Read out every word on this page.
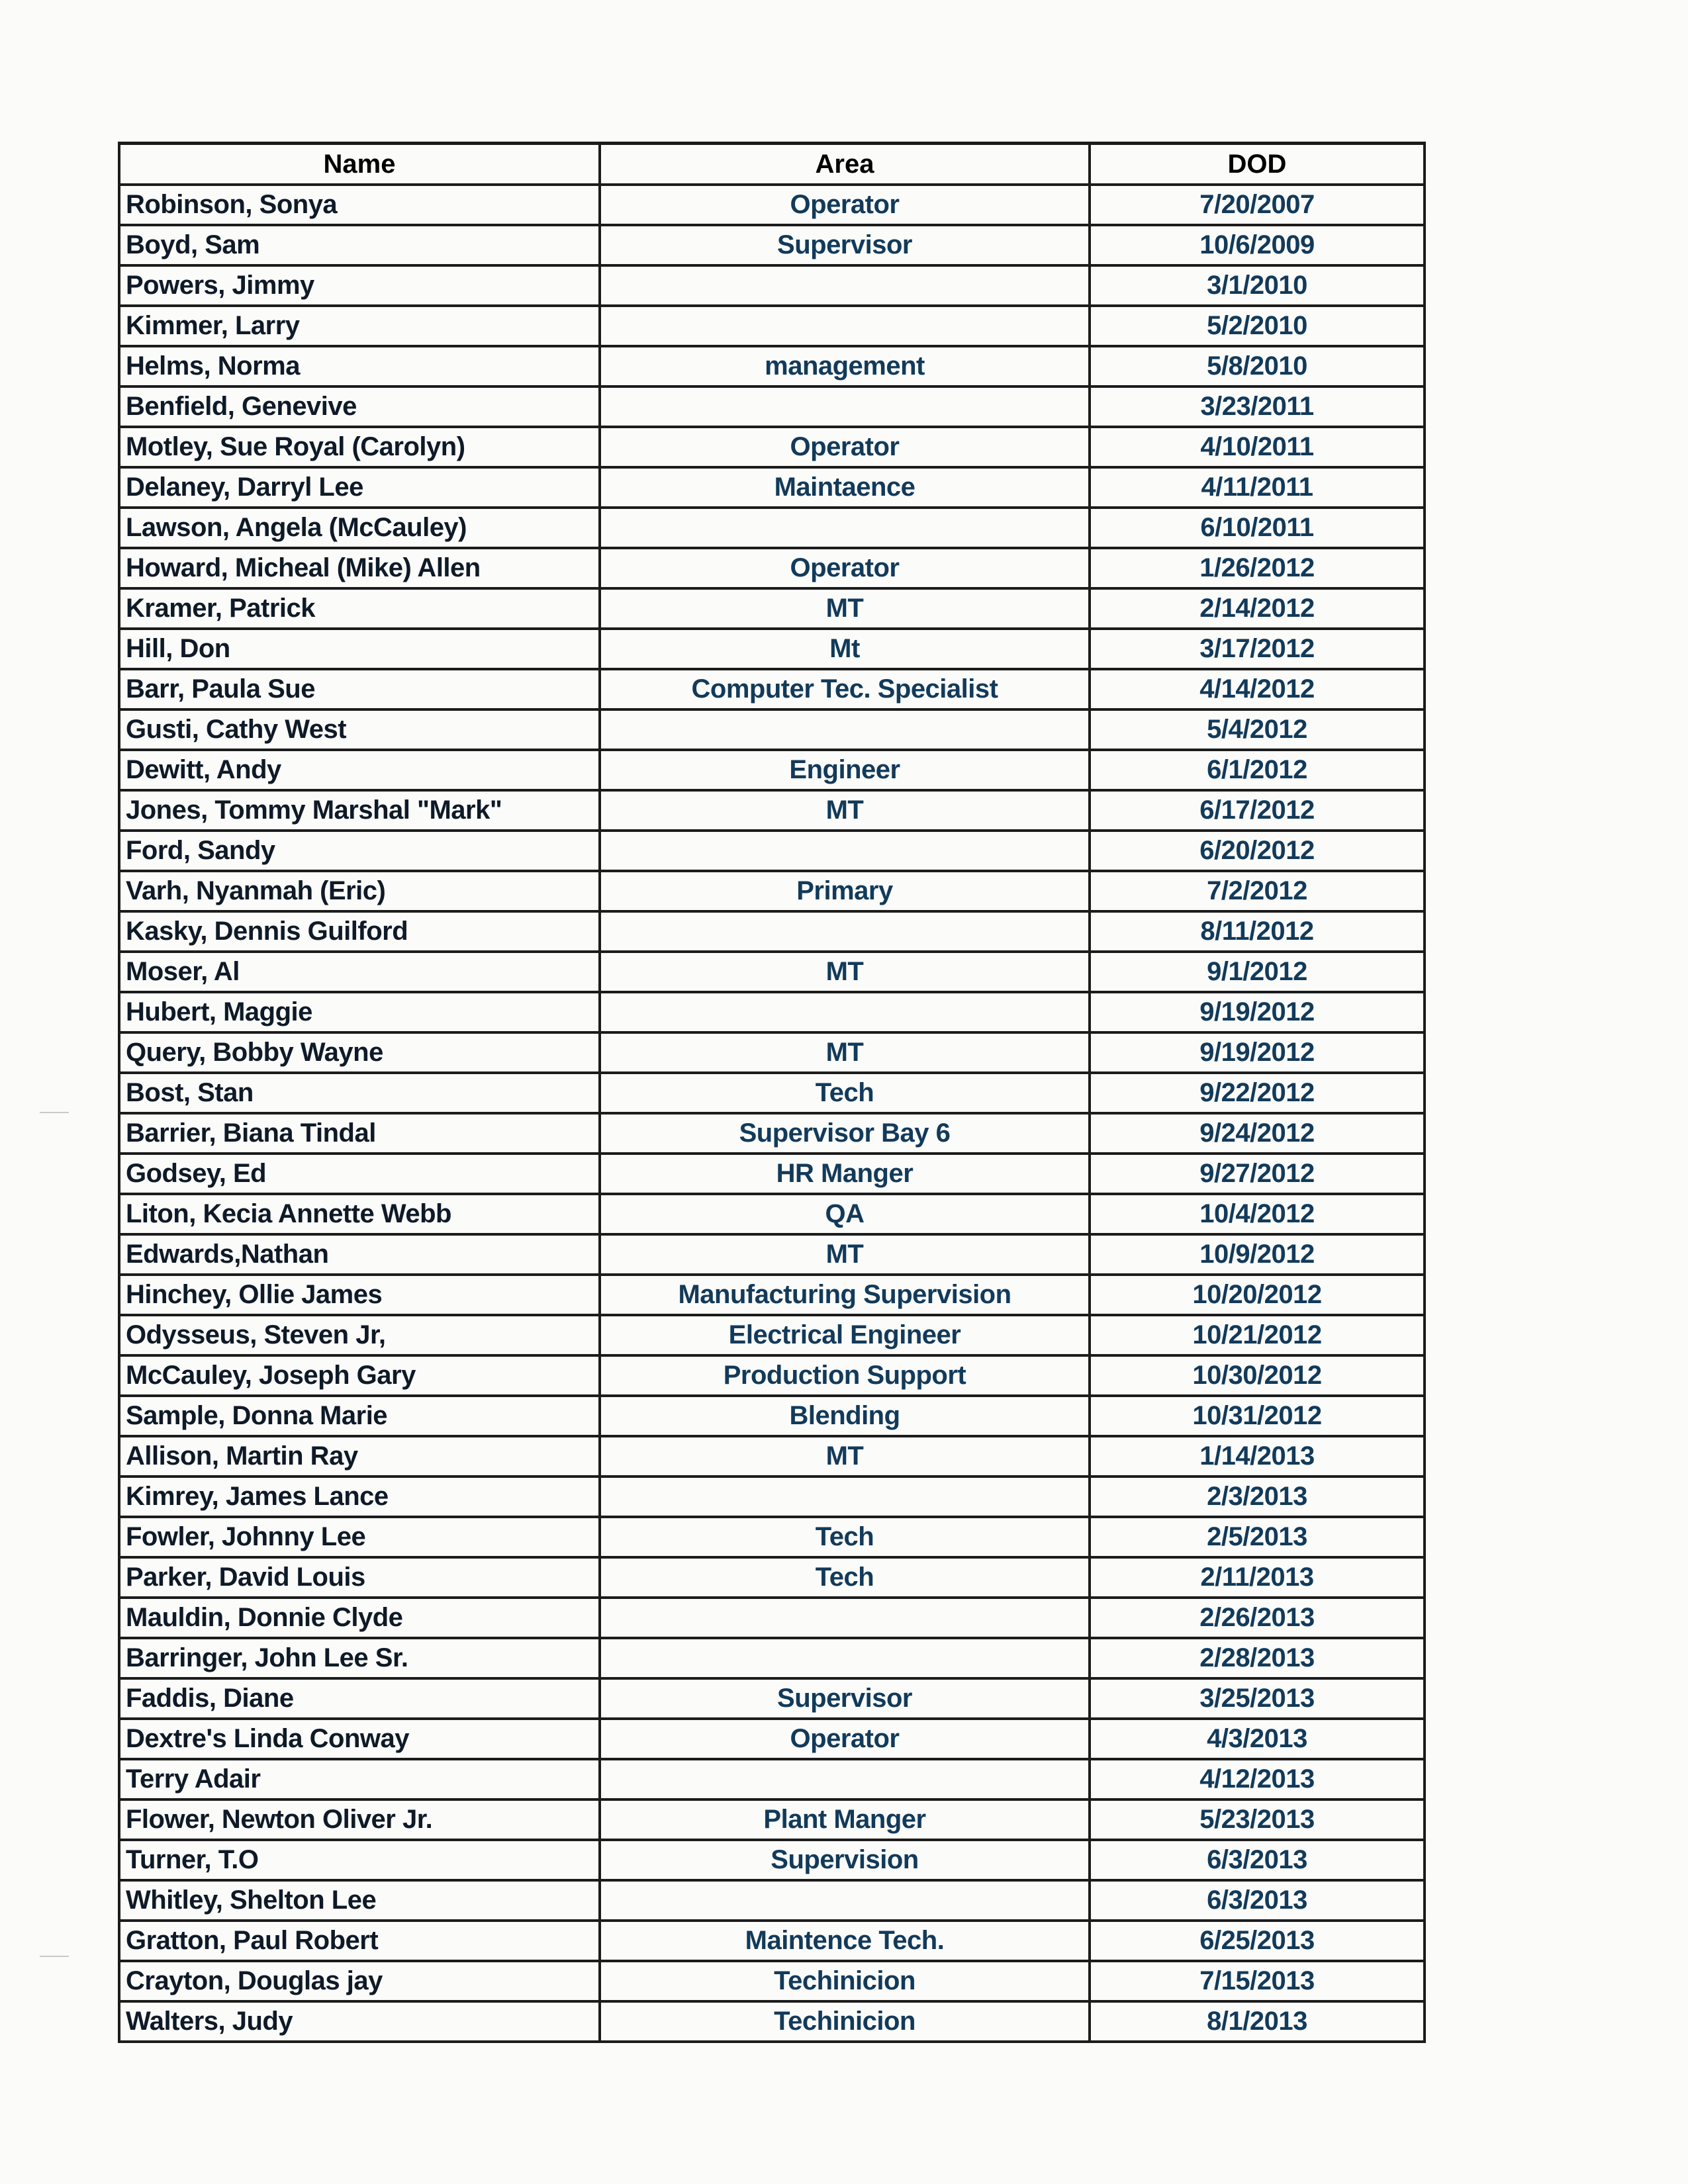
Name	Area	DOD
Robinson, Sonya	Operator	7/20/2007
Boyd, Sam	Supervisor	10/6/2009
Powers, Jimmy		3/1/2010
Kimmer, Larry		5/2/2010
Helms, Norma	management	5/8/2010
Benfield, Genevive		3/23/2011
Motley, Sue Royal (Carolyn)	Operator	4/10/2011
Delaney, Darryl Lee	Maintaence	4/11/2011
Lawson, Angela (McCauley)		6/10/2011
Howard, Micheal (Mike) Allen	Operator	1/26/2012
Kramer, Patrick	MT	2/14/2012
Hill, Don	Mt	3/17/2012
Barr, Paula Sue	Computer Tec. Specialist	4/14/2012
Gusti, Cathy West		5/4/2012
Dewitt, Andy	Engineer	6/1/2012
Jones, Tommy Marshal "Mark"	MT	6/17/2012
Ford, Sandy		6/20/2012
Varh, Nyanmah (Eric)	Primary	7/2/2012
Kasky, Dennis Guilford		8/11/2012
Moser, Al	MT	9/1/2012
Hubert, Maggie		9/19/2012
Query, Bobby Wayne	MT	9/19/2012
Bost, Stan	Tech	9/22/2012
Barrier, Biana Tindal	Supervisor Bay 6	9/24/2012
Godsey, Ed	HR Manger	9/27/2012
Liton, Kecia Annette Webb	QA	10/4/2012
Edwards,Nathan	MT	10/9/2012
Hinchey, Ollie James	Manufacturing Supervision	10/20/2012
Odysseus, Steven Jr,	Electrical Engineer	10/21/2012
McCauley, Joseph Gary	Production Support	10/30/2012
Sample, Donna Marie	Blending	10/31/2012
Allison, Martin Ray	MT	1/14/2013
Kimrey, James Lance		2/3/2013
Fowler, Johnny Lee	Tech	2/5/2013
Parker, David Louis	Tech	2/11/2013
Mauldin, Donnie Clyde		2/26/2013
Barringer, John Lee Sr.		2/28/2013
Faddis, Diane	Supervisor	3/25/2013
Dextre's Linda Conway	Operator	4/3/2013
Terry Adair		4/12/2013
Flower, Newton Oliver Jr.	Plant Manger	5/23/2013
Turner, T.O	Supervision	6/3/2013
Whitley, Shelton Lee		6/3/2013
Gratton, Paul Robert	Maintence Tech.	6/25/2013
Crayton, Douglas jay	Techinicion	7/15/2013
Walters, Judy	Techinicion	8/1/2013
